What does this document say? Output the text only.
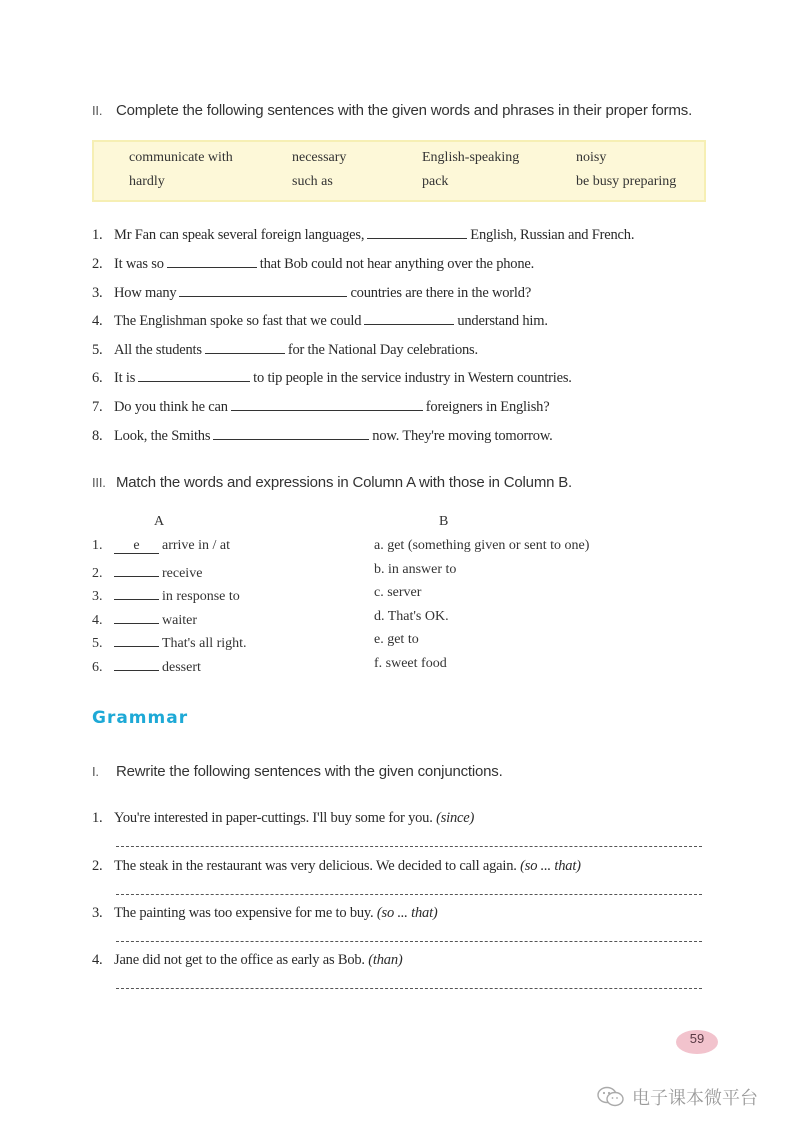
II. Complete the following sentences with the given words and phrases in their proper forms.
communicate with	necessary	English-speaking	noisy
hardly	such as	pack	be busy preparing
1. Mr Fan can speak several foreign languages,	English, Russian and French.
2. It was so	that Bob could not hear anything over the phone.
3. How many	countries are there in the world?
4. The Englishman spoke so fast that we could	understand him.
5. All the students	for the National Day celebrations.
6. It is	to tip people in the service industry in Western countries.
7. Do you think he can	foreigners in English?
8. Look, the Smiths	now. They're moving tomorrow.
III. Match the words and expressions in Column A with those in Column B.
A	B
1. e arrive in / at	a. get (something given or sent to one)
2.	receive	b. in answer to
3.	in response to	c. server
4.	waiter	d. That's OK.
5.	That's all right.	e. get to
6.	dessert	f. sweet food
Grammar
I. Rewrite the following sentences with the given conjunctions.
1. You're interested in paper-cuttings. I'll buy some for you. (since)
2. The steak in the restaurant was very delicious. We decided to call again. (so ... that)
3. The painting was too expensive for me to buy. (so ... that)
4. Jane did not get to the office as early as Bob. (than)
59
电子课本微平台
